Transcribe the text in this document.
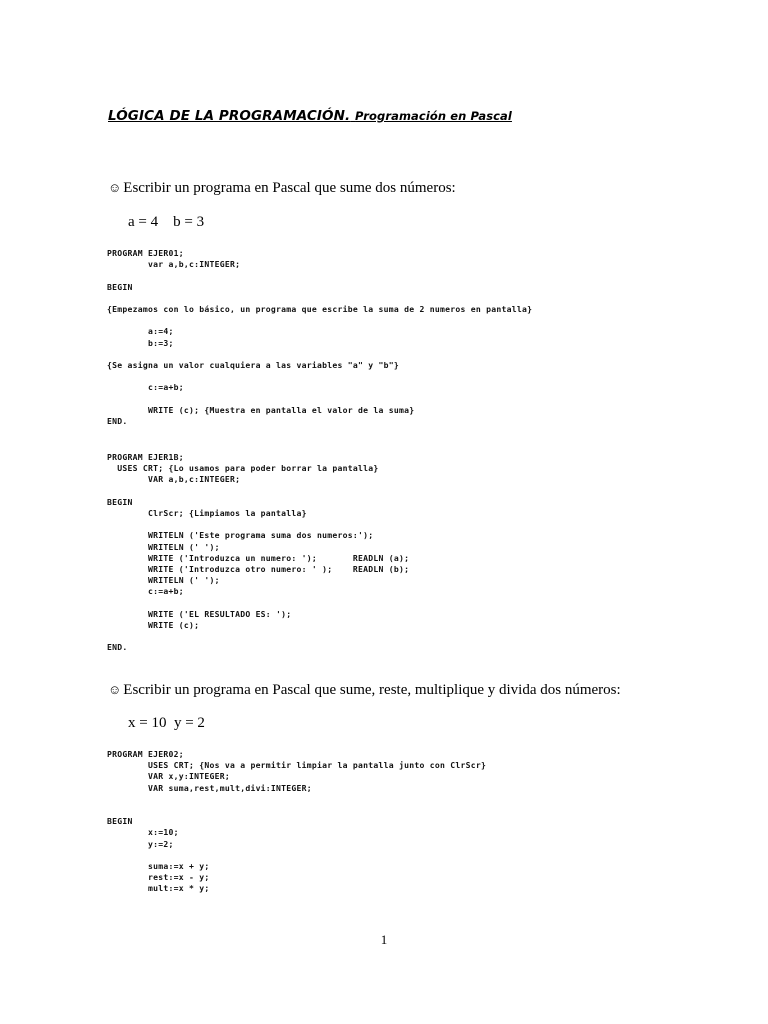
LÓGICA DE LA PROGRAMACIÓN. Programación en Pascal
☺ Escribir un programa en Pascal que sume dos números:
a = 4    b = 3
PROGRAM EJER01;
var a,b,c:INTEGER;

BEGIN

{Empezamos con lo básico, un programa que escribe la suma de 2 numeros en pantalla}

a:=4;
b:=3;

{Se asigna un valor cualquiera a las variables "a" y "b"}

c:=a+b;

WRITE (c); {Muestra en pantalla el valor de la suma}
END.
PROGRAM EJER1B;
USES CRT; {Lo usamos para poder borrar la pantalla}
VAR a,b,c:INTEGER;

BEGIN
ClrScr; {Limpiamos la pantalla}

WRITELN ('Este programa suma dos numeros:');
WRITELN (' ');
WRITE ('Introduzca un numero: ');       READLN (a);
WRITE ('Introduzca otro numero: ' );    READLN (b);
WRITELN (' ');
c:=a+b;

WRITE ('EL RESULTADO ES: ');
WRITE (c);

END.
☺ Escribir un programa en Pascal que sume, reste, multiplique y divida dos números:
x = 10  y = 2
PROGRAM EJER02;
USES CRT; {Nos va a permitir limpiar la pantalla junto con ClrScr}
VAR x,y:INTEGER;
VAR suma,rest,mult,divi:INTEGER;

BEGIN
x:=10;
y:=2;

suma:=x + y;
rest:=x - y;
mult:=x * y;
1
